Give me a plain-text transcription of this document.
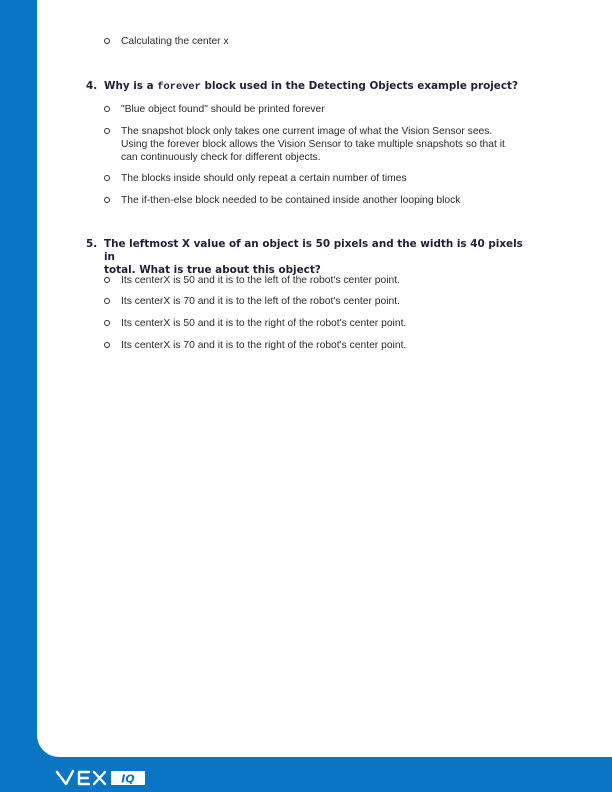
Calculating the center x
4. Why is a forever block used in the Detecting Objects example project?
"Blue object found" should be printed forever
The snapshot block only takes one current image of what the Vision Sensor sees.
Using the forever block allows the Vision Sensor to take multiple snapshots so that it
can continuously check for different objects.
The blocks inside should only repeat a certain number of times
The if-then-else block needed to be contained inside another looping block
5. The leftmost X value of an object is 50 pixels and the width is 40 pixels in
total. What is true about this object?
Its centerX is 50 and it is to the left of the robot's center point.
Its centerX is 70 and it is to the left of the robot's center point.
Its centerX is 50 and it is to the right of the robot's center point.
Its centerX is 70 and it is to the right of the robot's center point.
IQ
